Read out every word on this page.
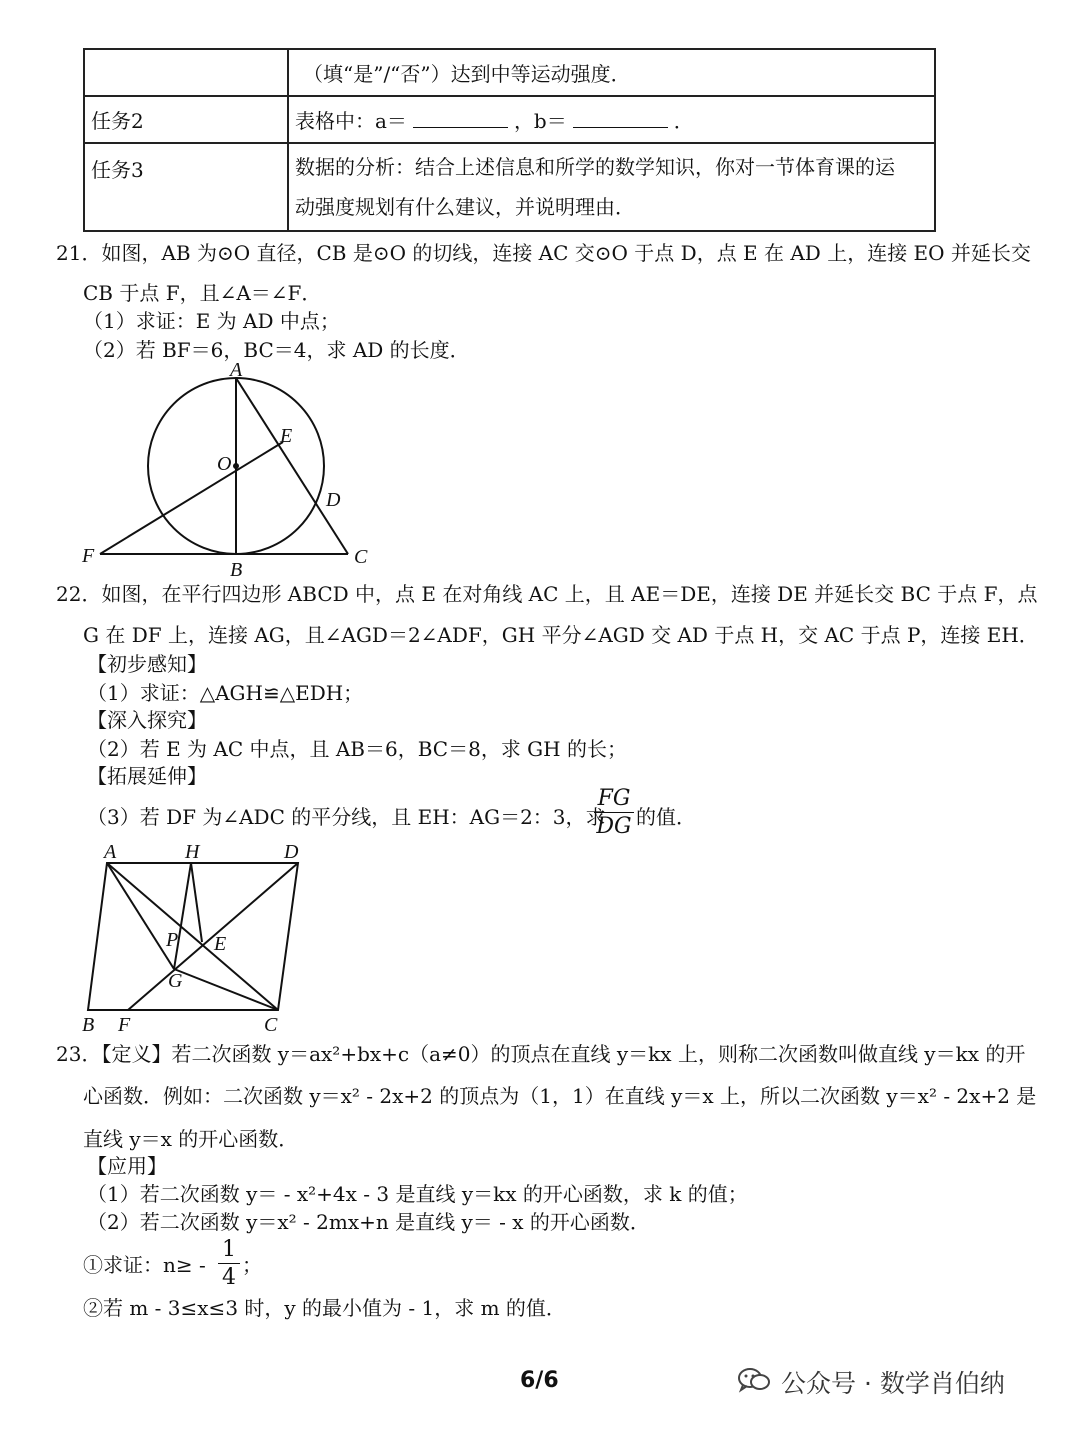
	（填“是”/“否”）达到中等运动强度．
任务2	表格中：a＝ ，b＝ ．
任务3	数据的分析：结合上述信息和所学的数学知识，你对一节体育课的运
动强度规划有什么建议，并说明理由．
21．如图，AB 为⊙O 直径，CB 是⊙O 的切线，连接 AC 交⊙O 于点 D，点 E 在 AD 上，连接 EO 并延长交
CB 于点 F，且∠A＝∠F．
（1）求证：E 为 AD 中点；
（2）若 BF＝6，BC＝4，求 AD 的长度．
A
B
C
D
E
F
O
22．如图，在平行四边形 ABCD 中，点 E 在对角线 AC 上，且 AE＝DE，连接 DE 并延长交 BC 于点 F，点
G 在 DF 上，连接 AG，且∠AGD＝2∠ADF，GH 平分∠AGD 交 AD 于点 H，交 AC 于点 P，连接 EH．
【初步感知】
（1）求证：△AGH≌△EDH；
【深入探究】
（2）若 E 为 AC 中点，且 AB＝6，BC＝8，求 GH 的长；
【拓展延伸】
（3）若 DF 为∠ADC 的平分线，且 EH：AG＝2：3，求
FG
DG 的值．
A	H	D
P E
G
B F	C
23．【定义】若二次函数 y＝ax²+bx+c（a≠0）的顶点在直线 y＝kx 上，则称二次函数叫做直线 y＝kx 的开
心函数．例如：二次函数 y＝x² - 2x+2 的顶点为（1，1）在直线 y＝x 上，所以二次函数 y＝x² - 2x+2 是
直线 y＝x 的开心函数．
【应用】
（1）若二次函数 y＝ - x²+4x - 3 是直线 y＝kx 的开心函数，求 k 的值；
（2）若二次函数 y＝x² - 2mx+n 是直线 y＝ - x 的开心函数．
①求证：n≥ -
1
4 ；
②若 m - 3≤x≤3 时，y 的最小值为 - 1，求 m 的值．
6/6	公众号 · 数学肖伯纳
